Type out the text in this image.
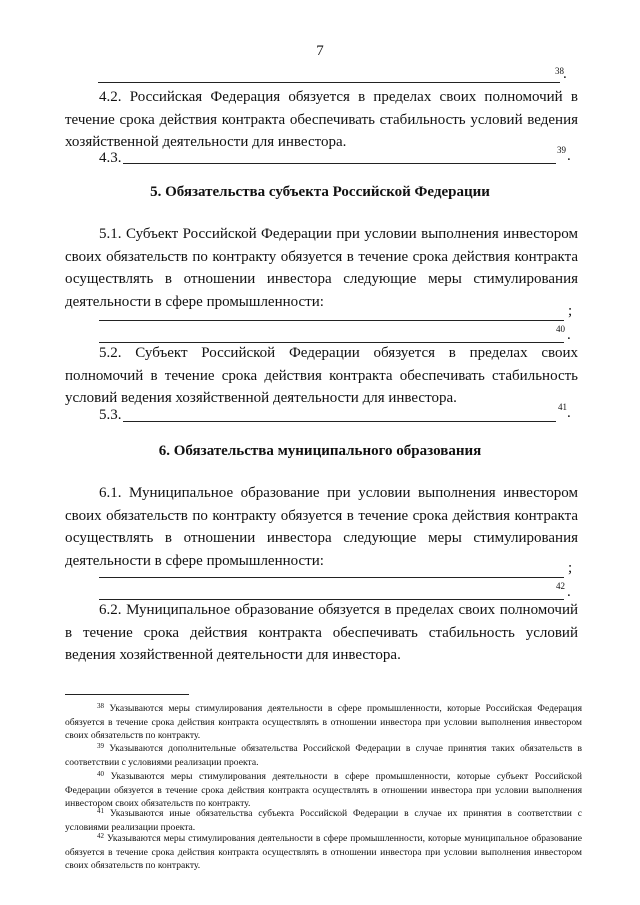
7
38 .
4.2. Российская Федерация обязуется в пределах своих полномочий в течение срока действия контракта обеспечивать стабильность условий ведения хозяйственной деятельности для инвестора.
4.3.	39 .
5. Обязательства субъекта Российской Федерации
5.1. Субъект Российской Федерации при условии выполнения инвестором своих обязательств по контракту обязуется в течение срока действия контракта осуществлять в отношении инвестора следующие меры стимулирования деятельности в сфере промышленности:
;
40 .
5.2. Субъект Российской Федерации обязуется в пределах своих полномочий в течение срока действия контракта обеспечивать стабильность условий ведения хозяйственной деятельности для инвестора.
5.3.	41 .
6. Обязательства муниципального образования
6.1. Муниципальное образование при условии выполнения инвестором своих обязательств по контракту обязуется в течение срока действия контракта осуществлять в отношении инвестора следующие меры стимулирования деятельности в сфере промышленности:	;
42 .
6.2. Муниципальное образование обязуется в пределах своих полномочий в течение срока действия контракта обеспечивать стабильность условий ведения хозяйственной деятельности для инвестора.
$^{38}$ Указываются меры стимулирования деятельности в сфере промышленности, которые Российская Федерация обязуется в течение срока действия контракта осуществлять в отношении инвестора при условии выполнения инвестором своих обязательств по контракту.
$^{39}$ Указываются дополнительные обязательства Российской Федерации в случае принятия таких обязательств в соответствии с условиями реализации проекта.
$^{40}$ Указываются меры стимулирования деятельности в сфере промышленности, которые субъект Российской Федерации обязуется в течение срока действия контракта осуществлять в отношении инвестора при условии выполнения инвестором своих обязательств по контракту.
$^{41}$ Указываются иные обязательства субъекта Российской Федерации в случае их принятия в соответствии с условиями реализации проекта.
$^{42}$ Указываются меры стимулирования деятельности в сфере промышленности, которые муниципальное образование обязуется в течение срока действия контракта осуществлять в отношении инвестора при условии выполнения инвестором своих обязательств по контракту.
